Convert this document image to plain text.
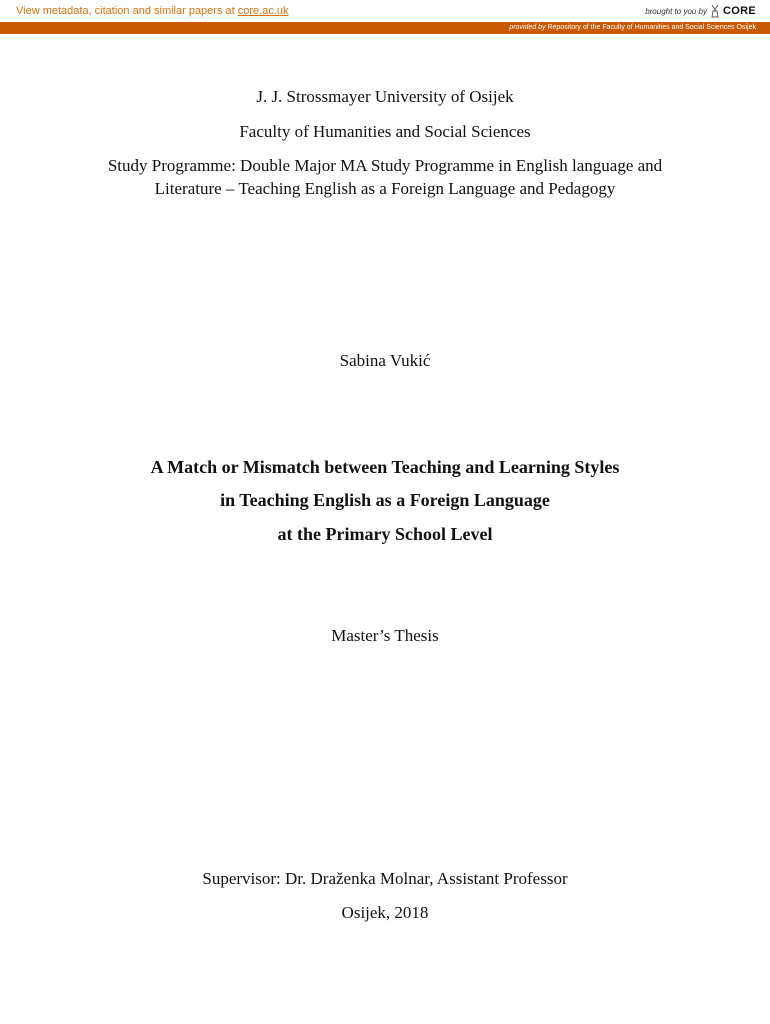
View metadata, citation and similar papers at core.ac.uk	brought to you by CORE
provided by Repository of the Faculty of Humanities and Social Sciences Osijek
J. J. Strossmayer University of Osijek
Faculty of Humanities and Social Sciences
Study Programme: Double Major MA Study Programme in English language and
Literature – Teaching English as a Foreign Language and Pedagogy
Sabina Vukić
A Match or Mismatch between Teaching and Learning Styles
in Teaching English as a Foreign Language
at the Primary School Level
Master’s Thesis
Supervisor: Dr. Draženka Molnar, Assistant Professor
Osijek, 2018
